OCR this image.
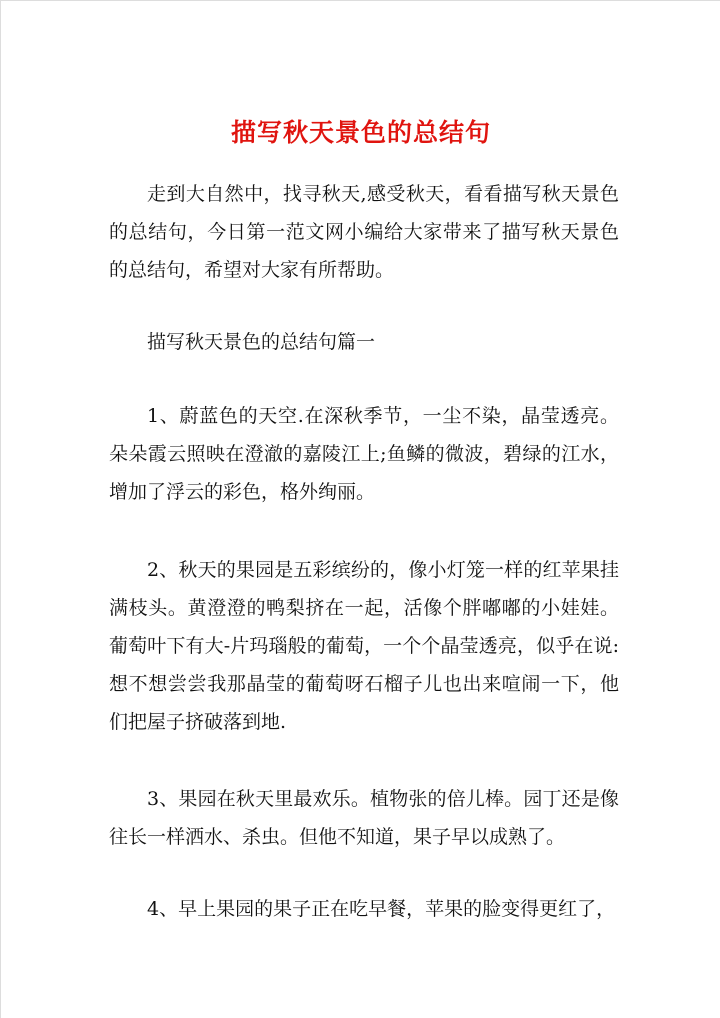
描写秋天景色的总结句

走到大自然中，找寻秋天,感受秋天，看看描写秋天景色的总结句，今日第一范文网小编给大家带来了描写秋天景色的总结句，希望对大家有所帮助。

描写秋天景色的总结句篇一

1、蔚蓝色的天空.在深秋季节，一尘不染，晶莹透亮。朵朵霞云照映在澄澈的嘉陵江上;鱼鳞的微波，碧绿的江水，增加了浮云的彩色，格外绚丽。

2、秋天的果园是五彩缤纷的，像小灯笼一样的红苹果挂满枝头。黄澄澄的鸭梨挤在一起，活像个胖嘟嘟的小娃娃。葡萄叶下有大-片玛瑙般的葡萄，一个个晶莹透亮，似乎在说:想不想尝尝我那晶莹的葡萄呀石榴子儿也出来喧闹一下，他们把屋子挤破落到地.

3、果园在秋天里最欢乐。植物张的倍儿棒。园丁还是像往长一样洒水、杀虫。但他不知道，果子早以成熟了。

4、早上果园的果子正在吃早餐，苹果的脸变得更红了，
